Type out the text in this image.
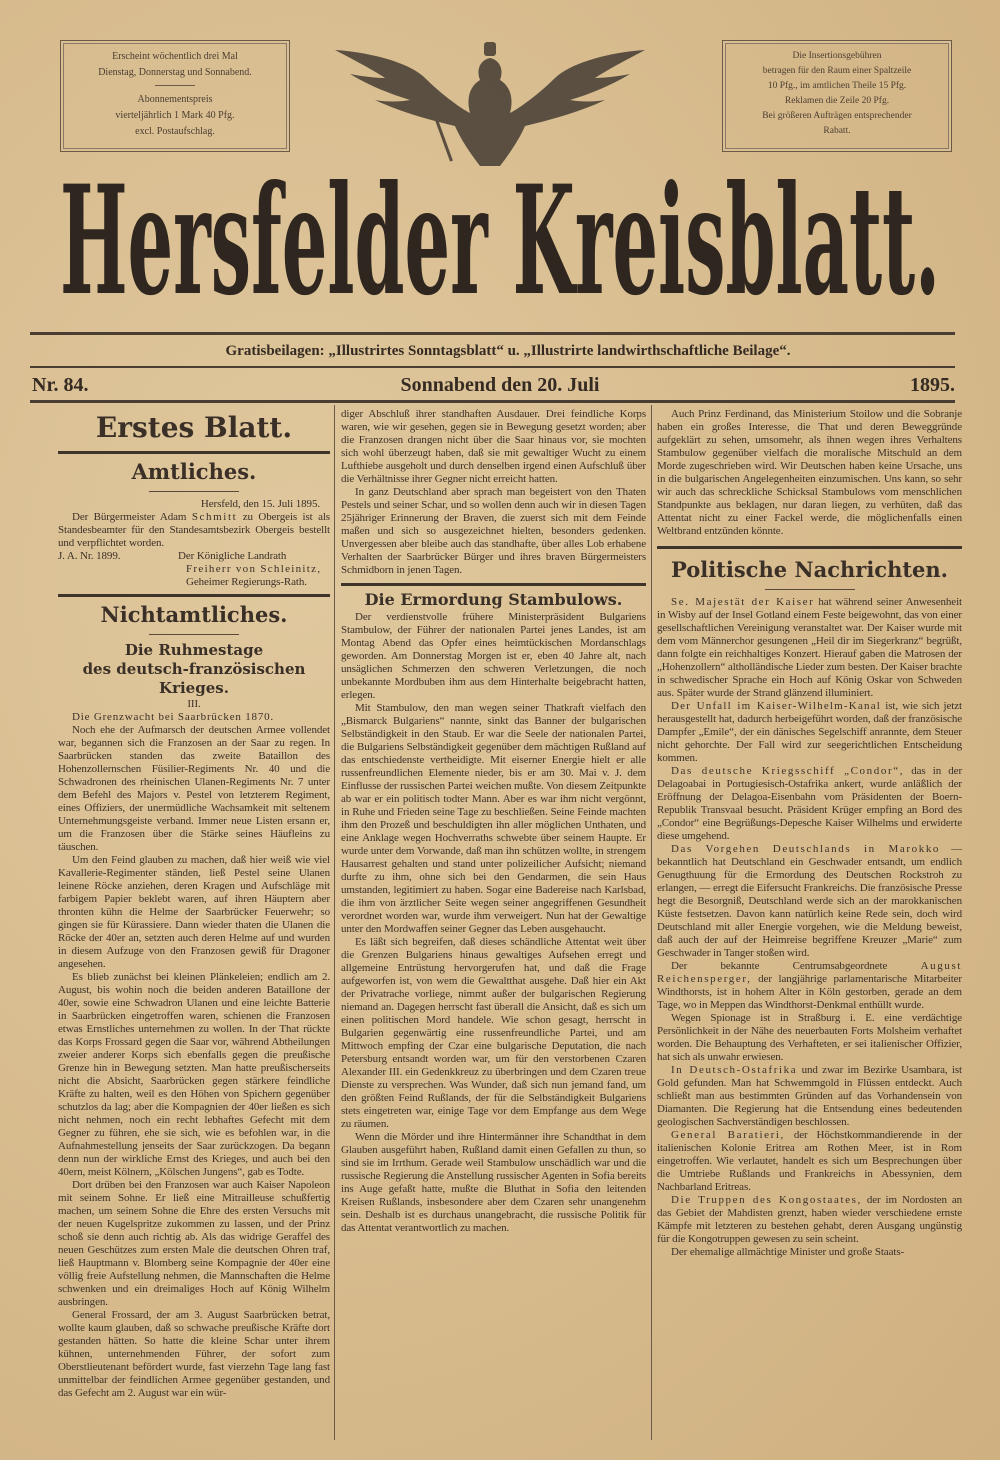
Erscheint wöchentlich drei Mal
Dienstag, Donnerstag und Sonnabend.
Abonnementspreis
vierteljährlich 1 Mark 40 Pfg.
excl. Postaufschlag.
Die Insertionsgebühren
betragen für den Raum einer Spaltzeile
10 Pfg., im amtlichen Theile 15 Pfg.
Reklamen die Zeile 20 Pfg.
Bei größeren Aufträgen entsprechender
Rabatt.
Hersfelder Kreisblatt.
Gratisbeilagen: „Illustrirtes Sonntagsblatt“ u. „Illustrirte landwirthschaftliche Beilage“.
Nr. 84.	Sonnabend den 20. Juli	1895.
Erstes Blatt.
Amtliches.
Hersfeld, den 15. Juli 1895.

Der Bürgermeister Adam Schmitt zu Obergeis ist als Standesbeamter für den Standesamtsbezirk Obergeis bestellt und verpflichtet worden.

J. A. Nr. 1899.	Der Königliche Landrath
Freiherr von Schleinitz,
Geheimer Regierungs-Rath.
Nichtamtliches.
Die Ruhmestage
des deutsch-französischen Krieges.
III.

Die Grenzwacht bei Saarbrücken 1870.

Noch ehe der Aufmarsch der deutschen Armee vollendet war, begannen sich die Franzosen an der Saar zu regen. In Saarbrücken standen das zweite Bataillon des Hohenzollernschen Füsilier-Regiments Nr. 40 und die Schwadronen des rheinischen Ulanen-Regiments Nr. 7 unter dem Befehl des Majors v. Pestel von letzterem Regiment, eines Offiziers, der unermüdliche Wachsamkeit mit seltenem Unternehmungsgeiste verband. Immer neue Listen ersann er, um die Franzosen über die Stärke seines Häufleins zu täuschen.

Um den Feind glauben zu machen, daß hier weiß wie viel Kavallerie-Regimenter ständen, ließ Pestel seine Ulanen leinene Röcke anziehen, deren Kragen und Aufschläge mit farbigem Papier beklebt waren, auf ihren Häuptern aber thronten kühn die Helme der Saarbrücker Feuerwehr; so gingen sie für Kürassiere. Dann wieder thaten die Ulanen die Röcke der 40er an, setzten auch deren Helme auf und wurden in diesem Aufzuge von den Franzosen gewiß für Dragoner angesehen.

Es blieb zunächst bei kleinen Plänkeleien; endlich am 2. August, bis wohin noch die beiden anderen Bataillone der 40er, sowie eine Schwadron Ulanen und eine leichte Batterie in Saarbrücken eingetroffen waren, schienen die Franzosen etwas Ernstliches unternehmen zu wollen. In der That rückte das Korps Frossard gegen die Saar vor, während Abtheilungen zweier anderer Korps sich ebenfalls gegen die preußische Grenze hin in Bewegung setzten. Man hatte preußischerseits nicht die Absicht, Saarbrücken gegen stärkere feindliche Kräfte zu halten, weil es den Höhen von Spichern gegenüber schutzlos da lag; aber die Kompagnien der 40er ließen es sich nicht nehmen, noch ein recht lebhaftes Gefecht mit dem Gegner zu führen, ehe sie sich, wie es befohlen war, in die Aufnahmestellung jenseits der Saar zurückzogen. Da begann denn nun der wirkliche Ernst des Krieges, und auch bei den 40ern, meist Kölnern, „Kölschen Jungens“, gab es Todte.

Dort drüben bei den Franzosen war auch Kaiser Napoleon mit seinem Sohne. Er ließ eine Mitrailleuse schußfertig machen, um seinem Sohne die Ehre des ersten Versuchs mit der neuen Kugelspritze zukommen zu lassen, und der Prinz schoß sie denn auch richtig ab. Als das widrige Geraffel des neuen Geschützes zum ersten Male die deutschen Ohren traf, ließ Hauptmann v. Blomberg seine Kompagnie der 40er eine völlig freie Aufstellung nehmen, die Mannschaften die Helme schwenken und ein dreimaliges Hoch auf König Wilhelm ausbringen.

General Frossard, der am 3. August Saarbrücken betrat, wollte kaum glauben, daß so schwache preußische Kräfte dort gestanden hätten. So hatte die kleine Schar unter ihrem kühnen, unternehmenden Führer, der sofort zum Oberstlieutenant befördert wurde, fast vierzehn Tage lang fast unmittelbar der feindlichen Armee gegenüber gestanden, und das Gefecht am 2. August war ein wür-

diger Abschluß ihrer standhaften Ausdauer. Drei feindliche Korps waren, wie wir gesehen, gegen sie in Bewegung gesetzt worden; aber die Franzosen drangen nicht über die Saar hinaus vor, sie mochten sich wohl überzeugt haben, daß sie mit gewaltiger Wucht zu einem Lufthiebe ausgeholt und durch denselben irgend einen Aufschluß über die Verhältnisse ihrer Gegner nicht erreicht hatten.

In ganz Deutschland aber sprach man begeistert von den Thaten Pestels und seiner Schar, und so wollen denn auch wir in diesen Tagen 25jähriger Erinnerung der Braven, die zuerst sich mit dem Feinde maßen und sich so ausgezeichnet hielten, besonders gedenken. Unvergessen aber bleibe auch das standhafte, über alles Lob erhabene Verhalten der Saarbrücker Bürger und ihres braven Bürgermeisters Schmidborn in jenen Tagen.

Die Ermordung Stambulows.

Der verdienstvolle frühere Ministerpräsident Bulgariens Stambulow, der Führer der nationalen Partei jenes Landes, ist am Montag Abend das Opfer eines heimtückischen Mordanschlags geworden. Am Donnerstag Morgen ist er, eben 40 Jahre alt, nach unsäglichen Schmerzen den schweren Verletzungen, die noch unbekannte Mordbuben ihm aus dem Hinterhalte beigebracht hatten, erlegen.

Mit Stambulow, den man wegen seiner Thatkraft vielfach den „Bismarck Bulgariens“ nannte, sinkt das Banner der bulgarischen Selbständigkeit in den Staub. Er war die Seele der nationalen Partei, die Bulgariens Selbständigkeit gegenüber dem mächtigen Rußland auf das entschiedenste vertheidigte. Mit eiserner Energie hielt er alle russenfreundlichen Elemente nieder, bis er am 30. Mai v. J. dem Einflusse der russischen Partei weichen mußte. Von diesem Zeitpunkte ab war er ein politisch todter Mann. Aber es war ihm nicht vergönnt, in Ruhe und Frieden seine Tage zu beschließen. Seine Feinde machten ihm den Prozeß und beschuldigten ihn aller möglichen Unthaten, und eine Anklage wegen Hochverraths schwebte über seinem Haupte. Er wurde unter dem Vorwande, daß man ihn schützen wollte, in strengem Hausarrest gehalten und stand unter polizeilicher Aufsicht; niemand durfte zu ihm, ohne sich bei den Gendarmen, die sein Haus umstanden, legitimiert zu haben. Sogar eine Badereise nach Karlsbad, die ihm von ärztlicher Seite wegen seiner angegriffenen Gesundheit verordnet worden war, wurde ihm verweigert. Nun hat der Gewaltige unter den Mordwaffen seiner Gegner das Leben ausgehaucht.

Es läßt sich begreifen, daß dieses schändliche Attentat weit über die Grenzen Bulgariens hinaus gewaltiges Aufsehen erregt und allgemeine Entrüstung hervorgerufen hat, und daß die Frage aufgeworfen ist, von wem die Gewaltthat ausgehe. Daß hier ein Akt der Privatrache vorliege, nimmt außer der bulgarischen Regierung niemand an. Dagegen herrscht fast überall die Ansicht, daß es sich um einen politischen Mord handele. Wie schon gesagt, herrscht in Bulgarien gegenwärtig eine russenfreundliche Partei, und am Mittwoch empfing der Czar eine bulgarische Deputation, die nach Petersburg entsandt worden war, um für den verstorbenen Czaren Alexander III. ein Gedenkkreuz zu überbringen und dem Czaren treue Dienste zu versprechen. Was Wunder, daß sich nun jemand fand, um den größten Feind Rußlands, der für die Selbständigkeit Bulgariens stets eingetreten war, einige Tage vor dem Empfange aus dem Wege zu räumen.

Wenn die Mörder und ihre Hintermänner ihre Schandthat in dem Glauben ausgeführt haben, Rußland damit einen Gefallen zu thun, so sind sie im Irrthum. Gerade weil Stambulow unschädlich war und die russische Regierung die Anstellung russischer Agenten in Sofia bereits ins Auge gefaßt hatte, mußte die Bluthat in Sofia den leitenden Kreisen Rußlands, insbesondere aber dem Czaren sehr unangenehm sein. Deshalb ist es durchaus unangebracht, die russische Politik für das Attentat verantwortlich zu machen.

Auch Prinz Ferdinand, das Ministerium Stoilow und die Sobranje haben ein großes Interesse, die That und deren Beweggründe aufgeklärt zu sehen, umsomehr, als ihnen wegen ihres Verhaltens Stambulow gegenüber vielfach die moralische Mitschuld an dem Morde zugeschrieben wird. Wir Deutschen haben keine Ursache, uns in die bulgarischen Angelegenheiten einzumischen. Uns kann, so sehr wir auch das schreckliche Schicksal Stambulows vom menschlichen Standpunkte aus beklagen, nur daran liegen, zu verhüten, daß das Attentat nicht zu einer Fackel werde, die möglichenfalls einen Weltbrand entzünden könnte.

Politische Nachrichten.

Se. Majestät der Kaiser hat während seiner Anwesenheit in Wisby auf der Insel Gotland einem Feste beigewohnt, das von einer gesellschaftlichen Vereinigung veranstaltet war. Der Kaiser wurde mit dem vom Männerchor gesungenen „Heil dir im Siegerkranz“ begrüßt, dann folgte ein reichhaltiges Konzert. Hierauf gaben die Matrosen der „Hohenzollern“ altholländische Lieder zum besten. Der Kaiser brachte in schwedischer Sprache ein Hoch auf König Oskar von Schweden aus. Später wurde der Strand glänzend illuminiert.

Der Unfall im Kaiser-Wilhelm-Kanal ist, wie sich jetzt herausgestellt hat, dadurch herbeigeführt worden, daß der französische Dampfer „Emile“, der ein dänisches Segelschiff anrannte, dem Steuer nicht gehorchte. Der Fall wird zur seegerichtlichen Entscheidung kommen.

Das deutsche Kriegsschiff „Condor“, das in der Delagoabai in Portugiesisch-Ostafrika ankert, wurde anläßlich der Eröffnung der Delagoa-Eisenbahn vom Präsidenten der Boern-Republik Transvaal besucht. Präsident Krüger empfing an Bord des „Condor“ eine Begrüßungs-Depesche Kaiser Wilhelms und erwiderte diese umgehend.

Das Vorgehen Deutschlands in Marokko — bekanntlich hat Deutschland ein Geschwader entsandt, um endlich Genugthuung für die Ermordung des Deutschen Rockstroh zu erlangen, — erregt die Eifersucht Frankreichs. Die französische Presse hegt die Besorgniß, Deutschland werde sich an der marokkanischen Küste festsetzen. Davon kann natürlich keine Rede sein, doch wird Deutschland mit aller Energie vorgehen, wie die Meldung beweist, daß auch der auf der Heimreise begriffene Kreuzer „Marie“ zum Geschwader in Tanger stoßen wird.

Der bekannte Centrumsabgeordnete	August Reichensperger, der langjährige parlamentarische Mitarbeiter Windthorsts, ist in hohem Alter in Köln gestorben, gerade an dem Tage, wo in Meppen das Windthorst-Denkmal enthüllt wurde.

Wegen Spionage ist in Straßburg i. E. eine verdächtige Persönlichkeit in der Nähe des neuerbauten Forts Molsheim verhaftet worden. Die Behauptung des Verhafteten, er sei italienischer Offizier, hat sich als unwahr erwiesen.

In Deutsch-Ostafrika und zwar im Bezirke Usambara, ist Gold gefunden. Man hat Schwemmgold in Flüssen entdeckt. Auch schließt man aus bestimmten Gründen auf das Vorhandensein von Diamanten. Die Regierung hat die Entsendung eines bedeutenden geologischen Sachverständigen beschlossen.

General Baratieri, der Höchstkommandierende in der italienischen Kolonie Eritrea am Rothen Meer, ist in Rom eingetroffen. Wie verlautet, handelt es sich um Besprechungen über die Umtriebe Rußlands und Frankreichs in Abessynien, dem Nachbarland Eritreas.

Die Truppen des Kongostaates, der im Nordosten an das Gebiet der Mahdisten grenzt, haben wieder verschiedene ernste Kämpfe mit letzteren zu bestehen gehabt, deren Ausgang ungünstig für die Kongotruppen gewesen zu sein scheint.

Der ehemalige allmächtige Minister und große Staats-
